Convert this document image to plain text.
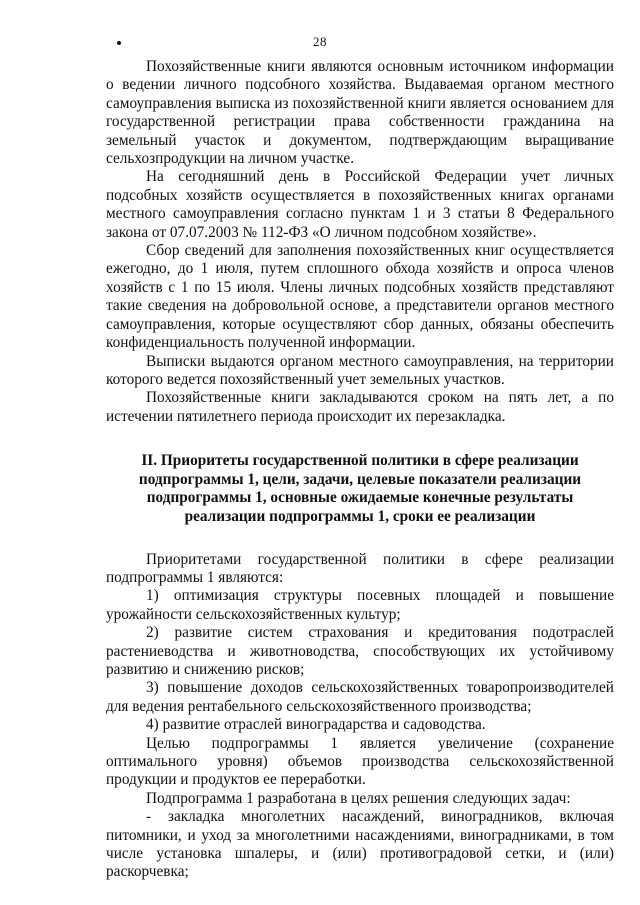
28

Похозяйственные книги являются основным источником информации о ведении личного подсобного хозяйства. Выдаваемая органом местного самоуправления выписка из похозяйственной книги является основанием для государственной регистрации права собственности гражданина на земельный участок и документом, подтверждающим выращивание сельхозпродукции на личном участке.

На сегодняшний день в Российской Федерации учет личных подсобных хозяйств осуществляется в похозяйственных книгах органами местного самоуправления согласно пунктам 1 и 3 статьи 8 Федерального закона от 07.07.2003 № 112-ФЗ «О личном подсобном хозяйстве».

Сбор сведений для заполнения похозяйственных книг осуществляется ежегодно, до 1 июля, путем сплошного обхода хозяйств и опроса членов хозяйств с 1 по 15 июля. Члены личных подсобных хозяйств представляют такие сведения на добровольной основе, а представители органов местного самоуправления, которые осуществляют сбор данных, обязаны обеспечить конфиденциальность полученной информации.

Выписки выдаются органом местного самоуправления, на территории которого ведется похозяйственный учет земельных участков.

Похозяйственные книги закладываются сроком на пять лет, а по истечении пятилетнего периода происходит их перезакладка.

II. Приоритеты государственной политики в сфере реализации подпрограммы 1, цели, задачи, целевые показатели реализации подпрограммы 1, основные ожидаемые конечные результаты реализации подпрограммы 1, сроки ее реализации

Приоритетами государственной политики в сфере реализации подпрограммы 1 являются:

1) оптимизация структуры посевных площадей и повышение урожайности сельскохозяйственных культур;

2) развитие систем страхования и кредитования подотраслей растениеводства и животноводства, способствующих их устойчивому развитию и снижению рисков;

3) повышение доходов сельскохозяйственных товаропроизводителей для ведения рентабельного сельскохозяйственного производства;

4) развитие отраслей виноградарства и садоводства.

Целью подпрограммы 1 является увеличение (сохранение оптимального уровня) объемов производства сельскохозяйственной продукции и продуктов ее переработки.

Подпрограмма 1 разработана в целях решения следующих задач:

- закладка многолетних насаждений, виноградников, включая питомники, и уход за многолетними насаждениями, виноградниками, в том числе установка шпалеры, и (или) противоградовой сетки, и (или) раскорчевка;
